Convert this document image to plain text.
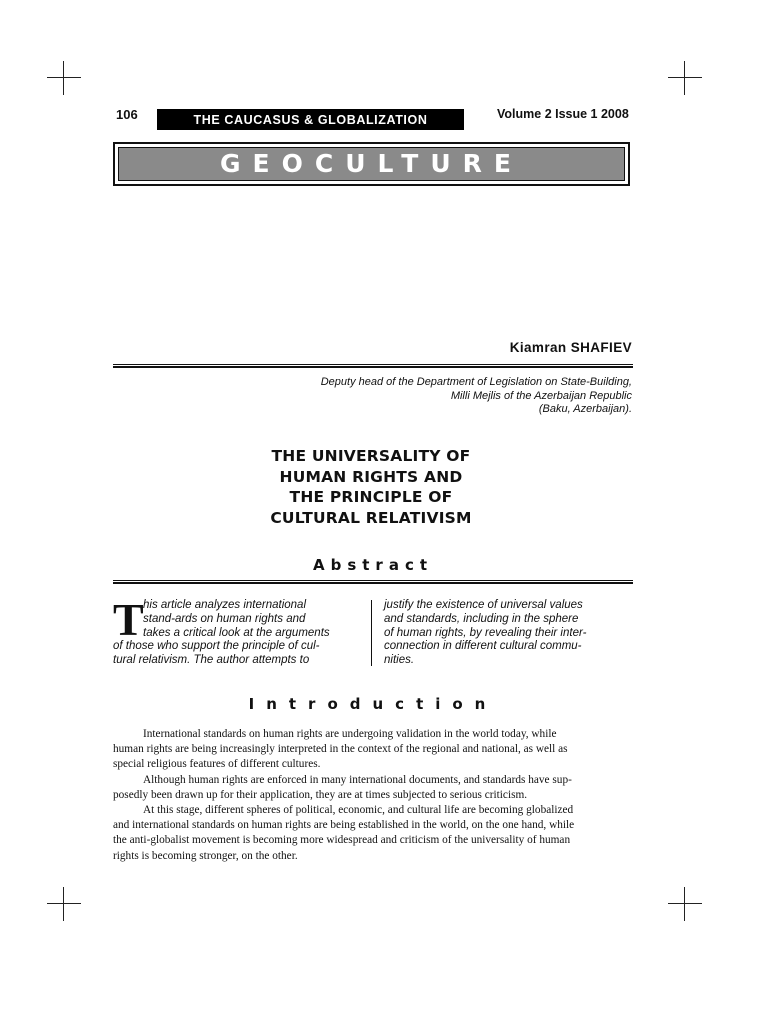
106	THE CAUCASUS & GLOBALIZATION	Volume 2 Issue 1 2008
GEOCULTURE
Kiamran SHAFIEV
Deputy head of the Department of Legislation on State-Building,
Milli Mejlis of the Azerbaijan Republic
(Baku, Azerbaijan).
THE UNIVERSALITY OF
HUMAN RIGHTS AND
THE PRINCIPLE OF
CULTURAL RELATIVISM
Abstract
T his article analyzes international
stand-ards on human rights and
takes a critical look at the arguments
of those who support the principle of cul-
tural relativism. The author attempts to
justify the existence of universal values
and standards, including in the sphere
of human rights, by revealing their inter-
connection in different cultural commu-
nities.
Introduction
International standards on human rights are undergoing validation in the world today, while
human rights are being increasingly interpreted in the context of the regional and national, as well as
special religious features of different cultures.
Although human rights are enforced in many international documents, and standards have sup-
posedly been drawn up for their application, they are at times subjected to serious criticism.
At this stage, different spheres of political, economic, and cultural life are becoming globalized
and international standards on human rights are being established in the world, on the one hand, while
the anti-globalist movement is becoming more widespread and criticism of the universality of human
rights is becoming stronger, on the other.
